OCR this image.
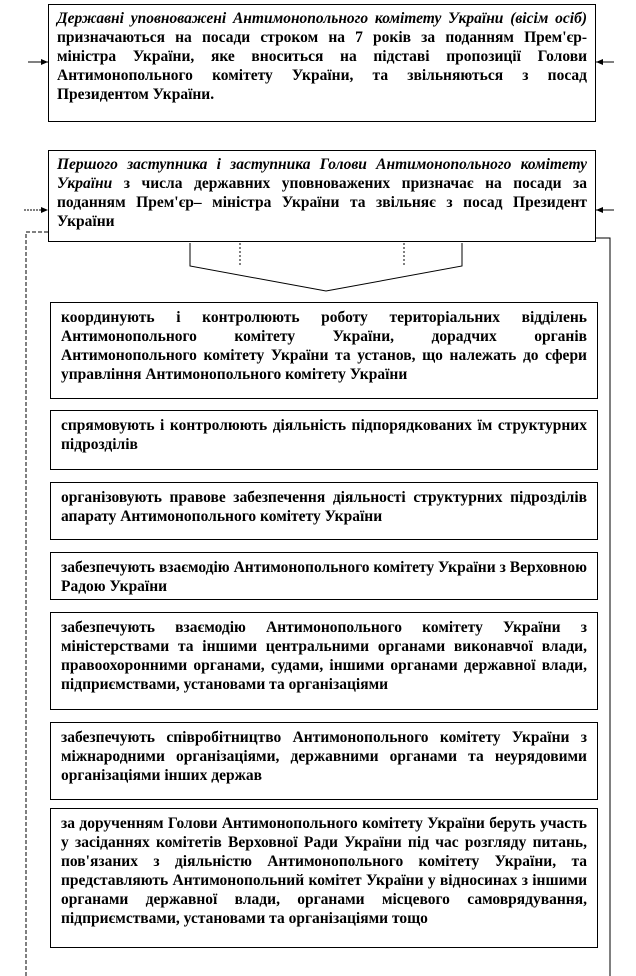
Державні уповноважені Антимонопольного комітету України (вісім осіб) призначаються на посади строком на 7 років за поданням Прем'єр-міністра України, яке вноситься на підставі пропозиції Голови Антимонопольного комітету України, та звільняються з посад Президентом України.
Першого заступника і заступника Голови Антимонопольного комітету України з числа державних уповноважених призначає на посади за поданням Прем'єр– міністра України та звільняє з посад Президент України
координують і контролюють роботу територіальних відділень Антимонопольного комітету України, дорадчих органів Антимонопольного комітету України та установ, що належать до сфери управління Антимонопольного комітету України
спрямовують і контролюють діяльність підпорядкованих їм структурних підрозділів
організовують правове забезпечення діяльності структурних підрозділів апарату Антимонопольного комітету України
забезпечують взаємодію Антимонопольного комітету України з Верховною Радою України
забезпечують взаємодію Антимонопольного комітету України з міністерствами та іншими центральними органами виконавчої влади, правоохоронними органами, судами, іншими органами державної влади, підприємствами, установами та організаціями
забезпечують співробітництво Антимонопольного комітету України з міжнародними організаціями, державними органами та неурядовими організаціями інших держав
за дорученням Голови Антимонопольного комітету України беруть участь у засіданнях комітетів Верховної Ради України під час розгляду питань, пов'язаних з діяльністю Антимонопольного комітету України, та представляють Антимонопольний комітет України у відносинах з іншими органами державної влади, органами місцевого самоврядування, підприємствами, установами та організаціями тощо
